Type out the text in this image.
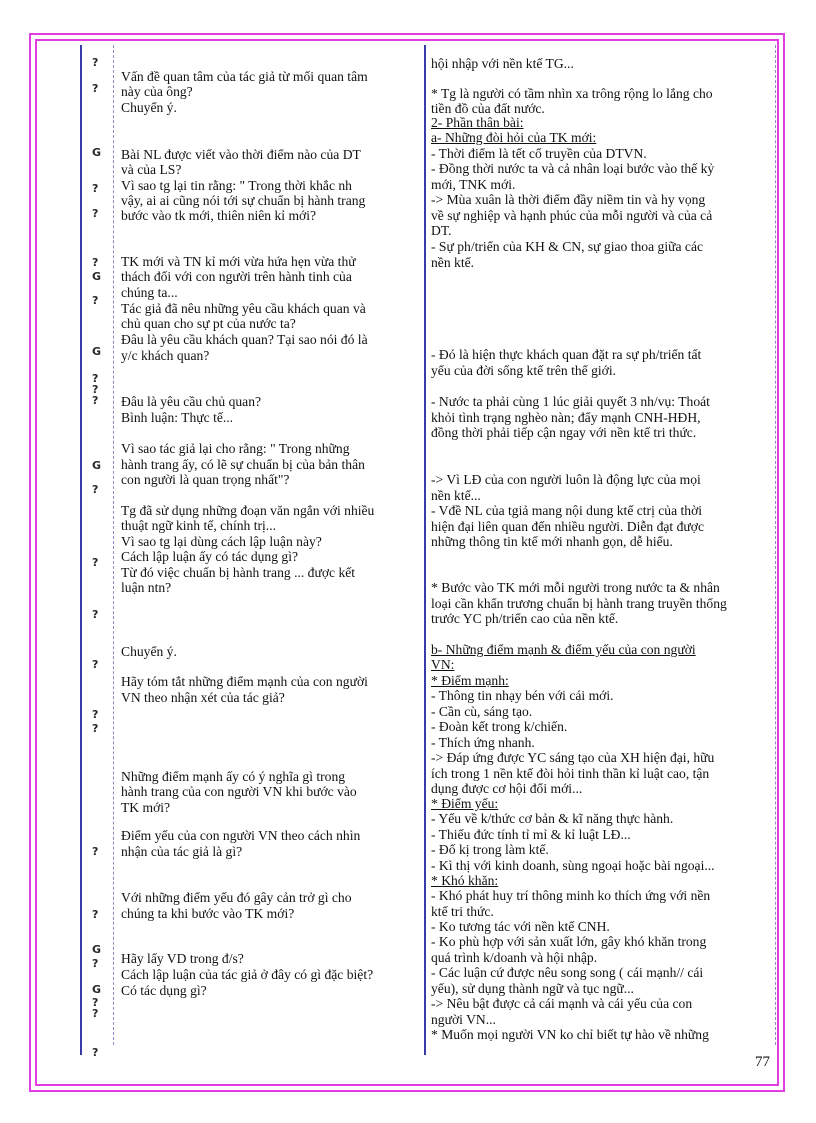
?
?
G
?
?
?
G
?
G
?
?
?
G
?
?
?
?
?
?
?
?
G
?
G
?
?
?
Vấn đề quan tâm của tác giả từ mối quan tâm
này của ông?
Chuyển ý.
Bài NL được viết vào thời điểm nào của DT
và của LS?
Vì sao tg lại tin rằng: " Trong thời khắc nh
vậy, ai ai cũng nói tới sự chuẩn bị hành trang
bước vào tk mới, thiên niên kỉ mới?
TK mới và TN kỉ mới vừa hứa hẹn vừa thử
thách đối với con người trên hành tinh của
chúng ta...
Tác giả đã nêu những yêu cầu khách quan và
chủ quan cho sự pt của nước ta?
Đâu là yêu cầu khách quan? Tại sao nói đó là
y/c khách quan?
Đâu là yêu cầu chủ quan?
Bình luận: Thực tế...
Vì sao tác giả lại cho rằng: " Trong những
hành trang ấy, có lẽ sự chuẩn bị của bản thân
con người là quan trọng nhất"?
Tg đã sử dụng những đoạn văn ngắn với nhiều
thuật ngữ kinh tế, chính trị...
Vì sao tg lại dùng cách lập luận này?
Cách lập luận ấy có tác dụng gì?
Từ đó việc chuẩn bị hành trang ... được kết
luận ntn?
Chuyển ý.
Hãy tóm tắt những điểm mạnh của con người
VN theo nhận xét của tác giả?
Những điểm mạnh ấy có ý nghĩa gì trong
hành trang của con người VN khi bước vào
TK mới?
Điểm yếu của con người VN theo cách nhìn
nhận của tác giả là gì?
Với những điểm yếu đó gây cản trở gì cho
chúng ta khi bước vào TK mới?
Hãy lấy VD trong đ/s?
Cách lập luận của tác giả ở đây có gì đặc biệt?
Có tác dụng gì?
hội nhập với nền ktế TG...
* Tg là người có tầm nhìn xa trông rộng lo lắng cho
tiền đồ của đất nước.
2- Phần thân bài:
a- Những đòi hỏi của TK mới:
- Thời điểm là tết cổ truyền của DTVN.
- Đồng thời nước ta và cả nhân loại bước vào thế kỷ
mới, TNK mới.
-> Mùa xuân là thời điểm đầy niềm tin và hy vọng
về sự nghiệp và hạnh phúc của mỗi người và của cả
DT.
- Sự ph/triển của KH & CN, sự giao thoa giữa các
nền ktế.
- Đó là hiện thực khách quan đặt ra sự ph/triển tất
yếu của đời sống ktế trên thế giới.
- Nước ta phải cùng 1 lúc giải quyết 3 nh/vụ: Thoát
khỏi tình trạng nghèo nàn; đẩy mạnh CNH-HĐH,
đồng thời phải tiếp cận ngay với nền ktế tri thức.
-> Vì LĐ của con người luôn là động lực của mọi
nền ktế...
- Vđề NL của tgiả mang nội dung ktế ctrị của thời
hiện đại liên quan đến nhiều người. Diễn đạt được
những thông tin ktế mới nhanh gọn, dễ hiểu.
* Bước vào TK mới mỗi người trong nước ta & nhân
loại cần khẩn trương chuẩn bị hành trang truyền thống
trước YC ph/triển cao của nền ktế.
b- Những điểm mạnh & điểm yếu của con người
VN:
* Điểm mạnh:
- Thông tin nhạy bén với cái mới.
- Cần cù, sáng tạo.
- Đoàn kết trong k/chiến.
- Thích ứng nhanh.
-> Đáp ứng được YC sáng tạo của XH hiện đại, hữu
ích trong 1 nền ktế đòi hỏi tinh thần kỉ luật cao, tận
dụng được cơ hội đổi mới...
* Điểm yếu:
- Yếu về k/thức cơ bản & kĩ năng thực hành.
- Thiếu đức tính tỉ mỉ & kỉ luật LĐ...
- Đố kị trong làm ktế.
- Kì thị với kinh doanh, sùng ngoại hoặc bài ngoại...
* Khó khăn:
- Khó phát huy trí thông minh ko thích ứng với nền
ktế tri thức.
- Ko tương tác với nền ktế CNH.
- Ko phù hợp với sản xuất lớn, gây khó khăn trong
quá trình k/doanh và hội nhập.
- Các luận cứ được nêu song song ( cái mạnh// cái
yếu), sử dụng thành ngữ và tục ngữ...
-> Nêu bật được cả cái mạnh và cái yếu của con
người VN...
* Muốn mọi người VN ko chỉ biết tự hào về những
77
